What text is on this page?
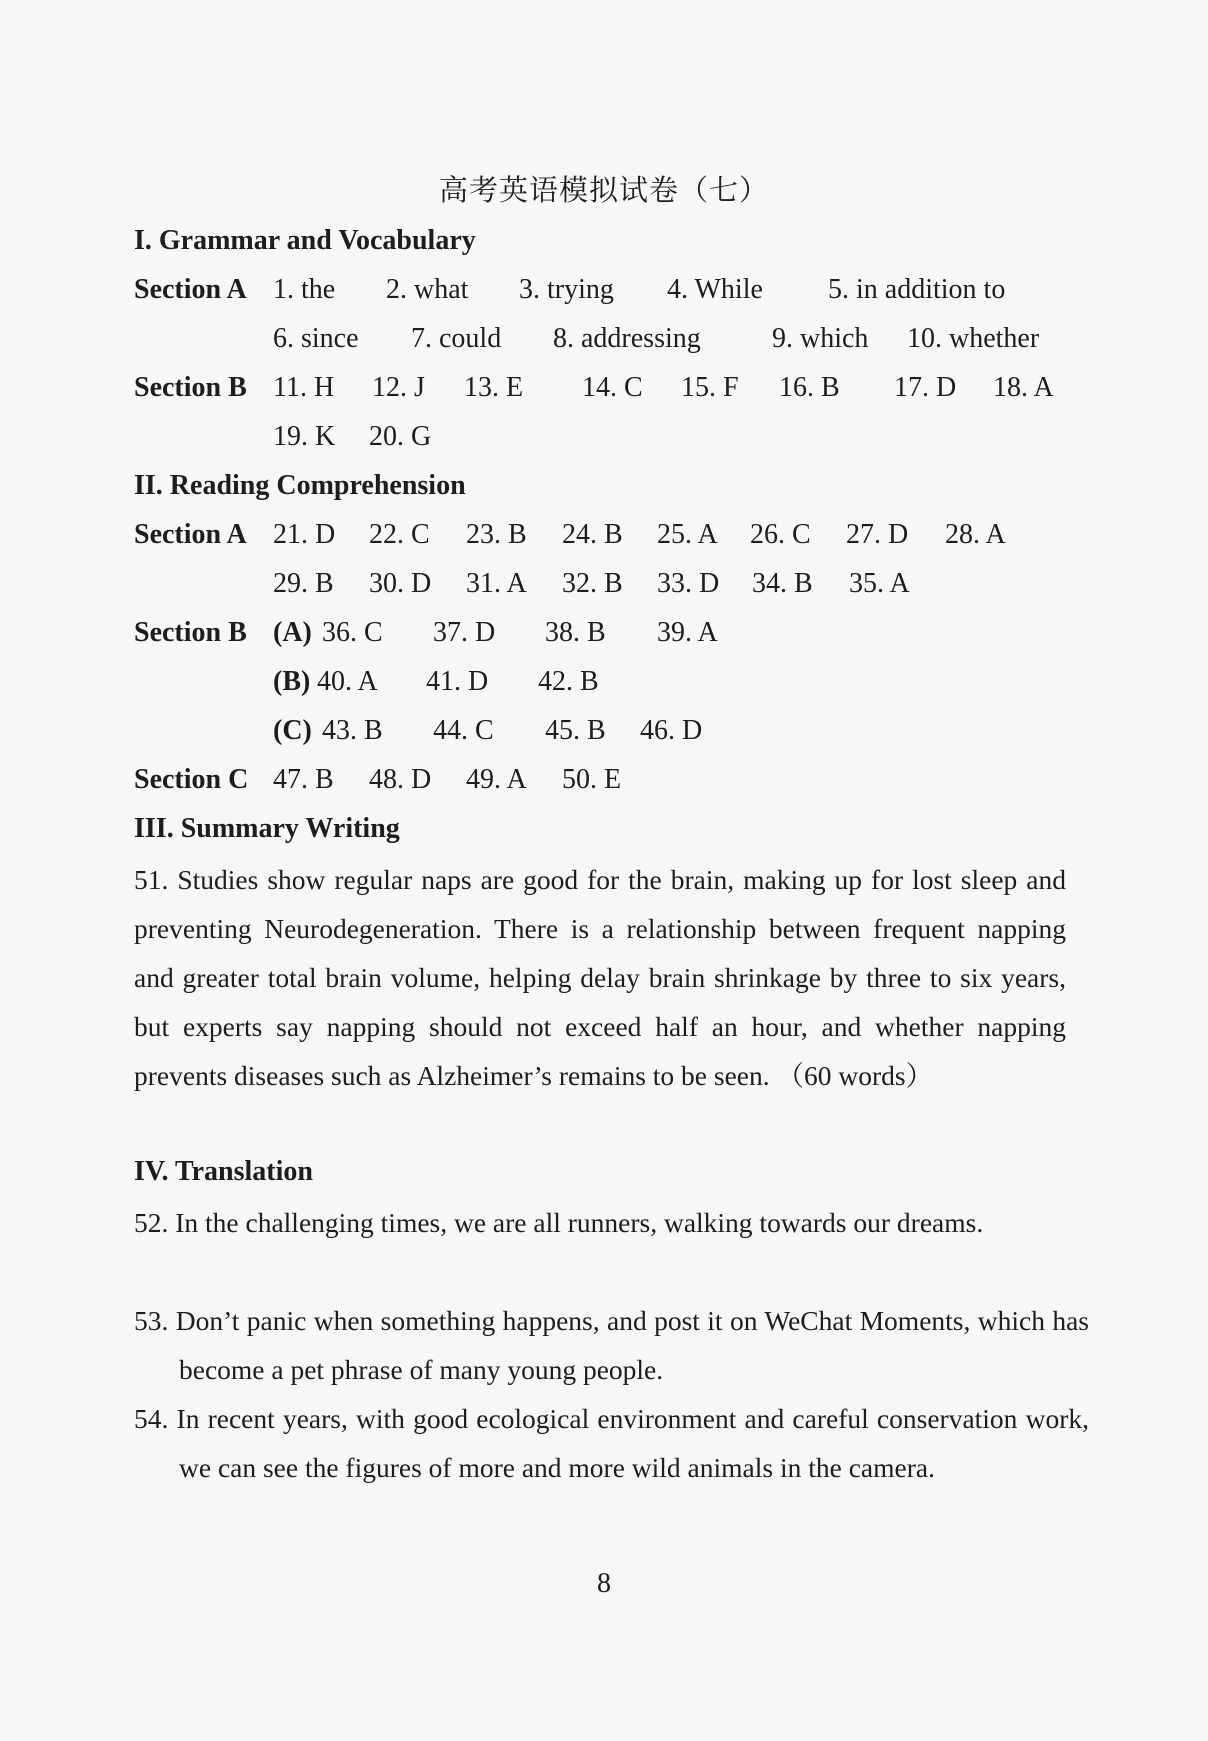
高考英语模拟试卷（七）
I. Grammar and Vocabulary
Section A 1. the 2. what 3. trying 4. While 5. in addition to
6. since 7. could 8. addressing	9. which 10. whether
Section B 11. H 12. J 13. E 14. C 15. F 16. B 17. D 18. A
19. K 20. G
II. Reading Comprehension
Section A 21. D 22. C 23. B 24. B 25. A 26. C 27. D 28. A
29. B 30. D 31. A 32. B 33. D 34. B 35. A
Section B (A) 36. C 37. D 38. B 39. A
(B) 40. A 41. D 42. B
(C) 43. B 44. C 45. B 46. D
Section C 47. B 48. D 49. A 50. E
III. Summary Writing
51. Studies show regular naps are good for the brain, making up for lost sleep and preventing Neurodegeneration. There is a relationship between frequent napping and greater total brain volume, helping delay brain shrinkage by three to six years, but experts say napping should not exceed half an hour, and whether napping prevents diseases such as Alzheimer’s remains to be seen. （60 words）
IV. Translation
52. In the challenging times, we are all runners, walking towards our dreams.
53. Don’t panic when something happens, and post it on WeChat Moments, which has become a pet phrase of many young people.
54. In recent years, with good ecological environment and careful conservation work, we can see the figures of more and more wild animals in the camera.
8
